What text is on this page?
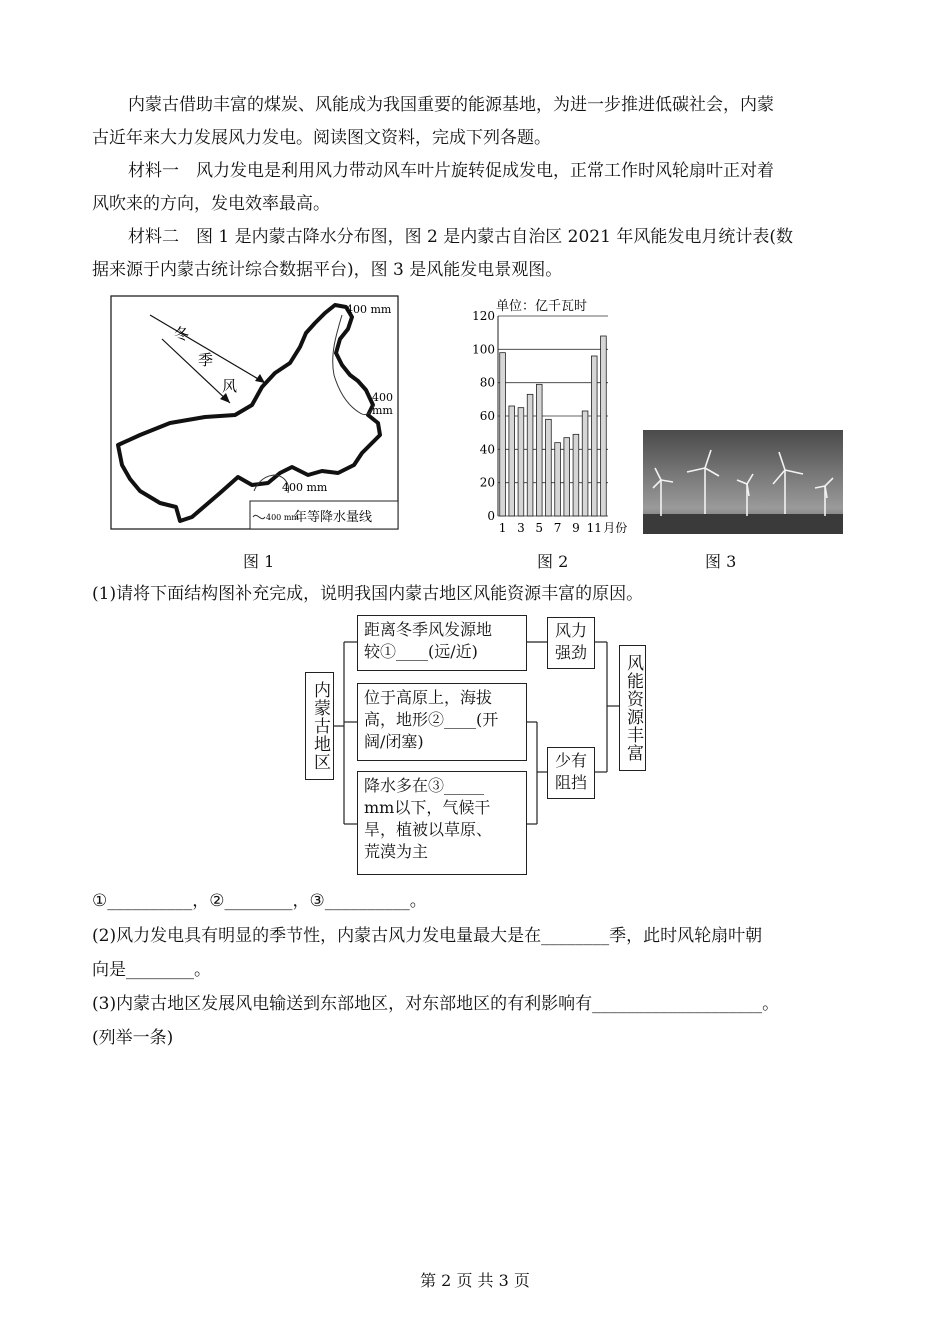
内蒙古借助丰富的煤炭、风能成为我国重要的能源基地，为进一步推进低碳社会，内蒙
古近年来大力发展风力发电。阅读图文资料，完成下列各题。
材料一　风力发电是利用风力带动风车叶片旋转促成发电，正常工作时风轮扇叶正对着
风吹来的方向，发电效率最高。
材料二　图 1 是内蒙古降水分布图，图 2 是内蒙古自治区 2021 年风能发电月统计表(数
据来源于内蒙古统计综合数据平台)，图 3 是风能发电景观图。
冬
季
风
400 mm
400
mm
400 mm
400 mm
年等降水量线
图 1
单位：亿千瓦时
0
20
40
60
80
100
120
1 3 5 7 9 11 月份
图 2	图 3
(1)请将下面结构图补充完成，说明我国内蒙古地区风能资源丰富的原因。
内蒙古地区
距离冬季风发源地
较①____(远/近)
位于高原上，海拔
高，地形②____(开
阔/闭塞)
降水多在③_____
mm以下，气候干
旱，植被以草原、
荒漠为主
风力强劲
少有阻挡
风能资源丰富
①__________，②________，③__________。
(2)风力发电具有明显的季节性，内蒙古风力发电量最大是在________季，此时风轮扇叶朝
向是________。
(3)内蒙古地区发展风电输送到东部地区，对东部地区的有利影响有____________________。
(列举一条)
第 2 页 共 3 页
